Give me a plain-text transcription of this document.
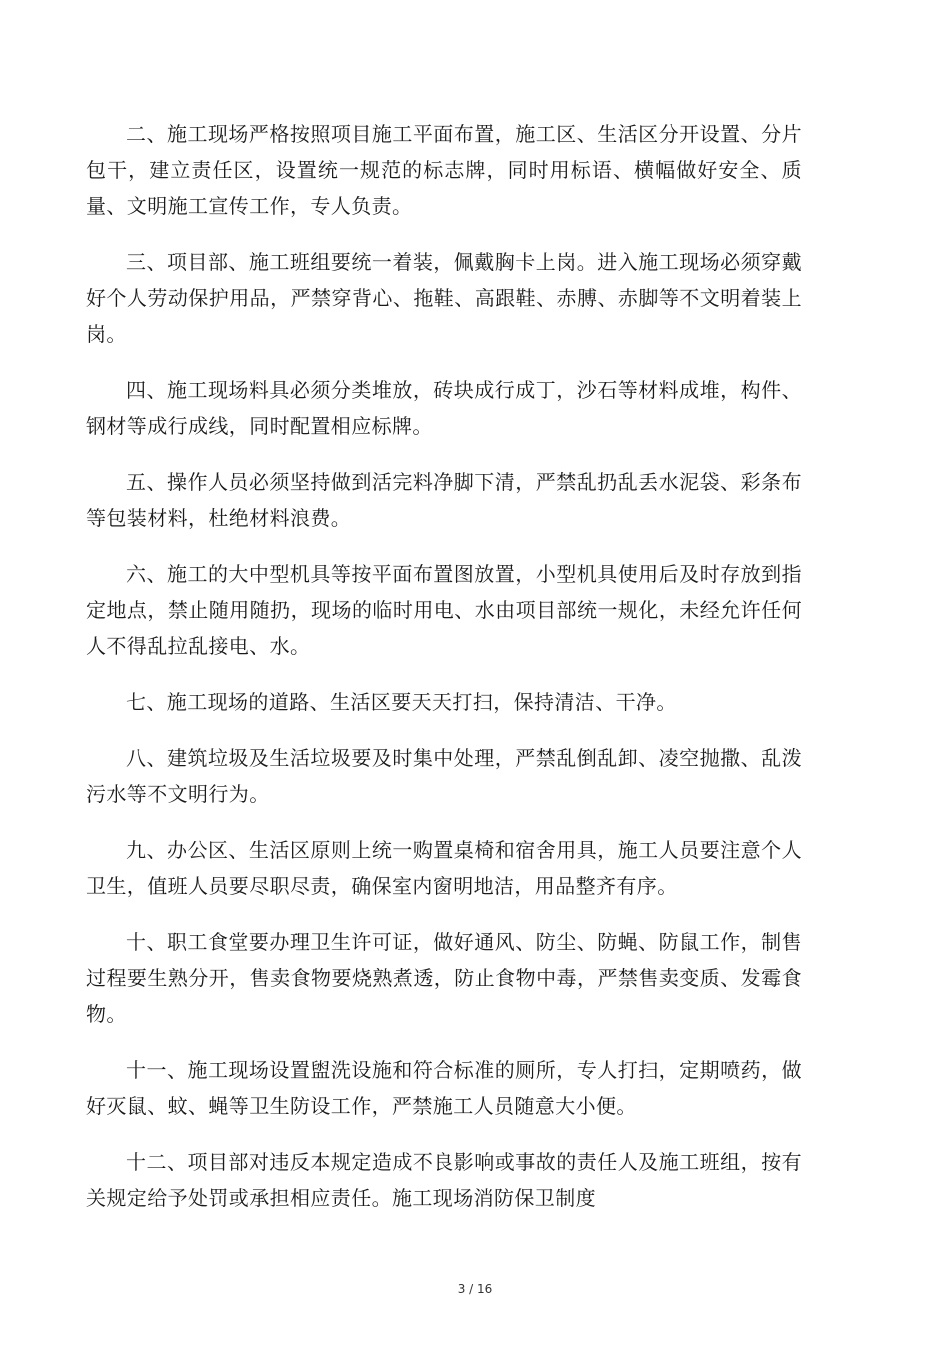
二、施工现场严格按照项目施工平面布置，施工区、生活区分开设置、分片包干，建立责任区，设置统一规范的标志牌，同时用标语、横幅做好安全、质量、文明施工宣传工作，专人负责。

三、项目部、施工班组要统一着装，佩戴胸卡上岗。进入施工现场必须穿戴好个人劳动保护用品，严禁穿背心、拖鞋、高跟鞋、赤膊、赤脚等不文明着装上岗。

四、施工现场料具必须分类堆放，砖块成行成丁，沙石等材料成堆，构件、钢材等成行成线，同时配置相应标牌。

五、操作人员必须坚持做到活完料净脚下清，严禁乱扔乱丢水泥袋、彩条布等包装材料，杜绝材料浪费。

六、施工的大中型机具等按平面布置图放置，小型机具使用后及时存放到指定地点，禁止随用随扔，现场的临时用电、水由项目部统一规化，未经允许任何人不得乱拉乱接电、水。

七、施工现场的道路、生活区要天天打扫，保持清洁、干净。

八、建筑垃圾及生活垃圾要及时集中处理，严禁乱倒乱卸、凌空抛撒、乱泼污水等不文明行为。

九、办公区、生活区原则上统一购置桌椅和宿舍用具，施工人员要注意个人卫生，值班人员要尽职尽责，确保室内窗明地洁，用品整齐有序。

十、职工食堂要办理卫生许可证，做好通风、防尘、防蝇、防鼠工作，制售过程要生熟分开，售卖食物要烧熟煮透，防止食物中毒，严禁售卖变质、发霉食物。

十一、施工现场设置盥洗设施和符合标准的厕所，专人打扫，定期喷药，做好灭鼠、蚊、蝇等卫生防设工作，严禁施工人员随意大小便。

十二、项目部对违反本规定造成不良影响或事故的责任人及施工班组，按有关规定给予处罚或承担相应责任。施工现场消防保卫制度

3 / 16
